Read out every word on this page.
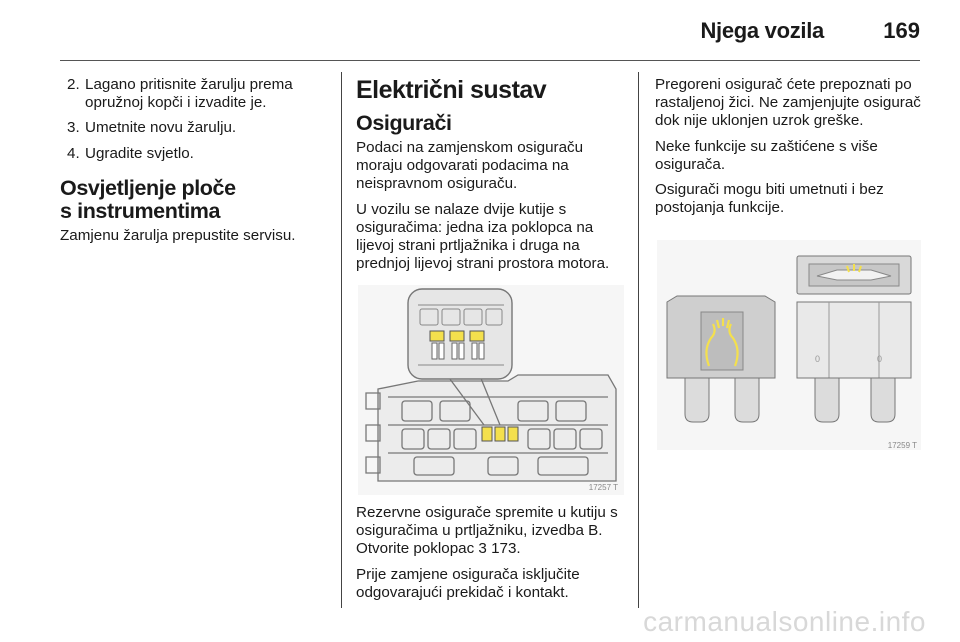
Njega vozila	169
2. Lagano pritisnite žarulju prema opružnoj kopči i izvadite je.
3. Umetnite novu žarulju.
4. Ugradite svjetlo.
Osvjetljenje ploče
s instrumentima

Zamjenu žarulja prepustite servisu.

Električni sustav
Osigurači

Podaci na zamjenskom osiguraču moraju odgovarati podacima na neispravnom osiguraču.

U vozilu se nalaze dvije kutije s osiguračima: jedna iza poklopca na lijevoj strani prtljažnika i druga na prednjoj lijevoj strani prostora motora.

17257 T

Rezervne osigurače spremite u kutiju s osiguračima u prtljažniku, izvedba B. Otvorite poklopac 3 173.

Prije zamjene osigurača isključite odgovarajući prekidač i kontakt.

Pregoreni osigurač ćete prepoznati po rastaljenoj žici. Ne zamjenjujte osigurač dok nije uklonjen uzrok greške.

Neke funkcije su zaštićene s više osigurača.

Osigurači mogu biti umetnuti i bez postojanja funkcije.

0	0
17259 T
carmanualsonline.info
